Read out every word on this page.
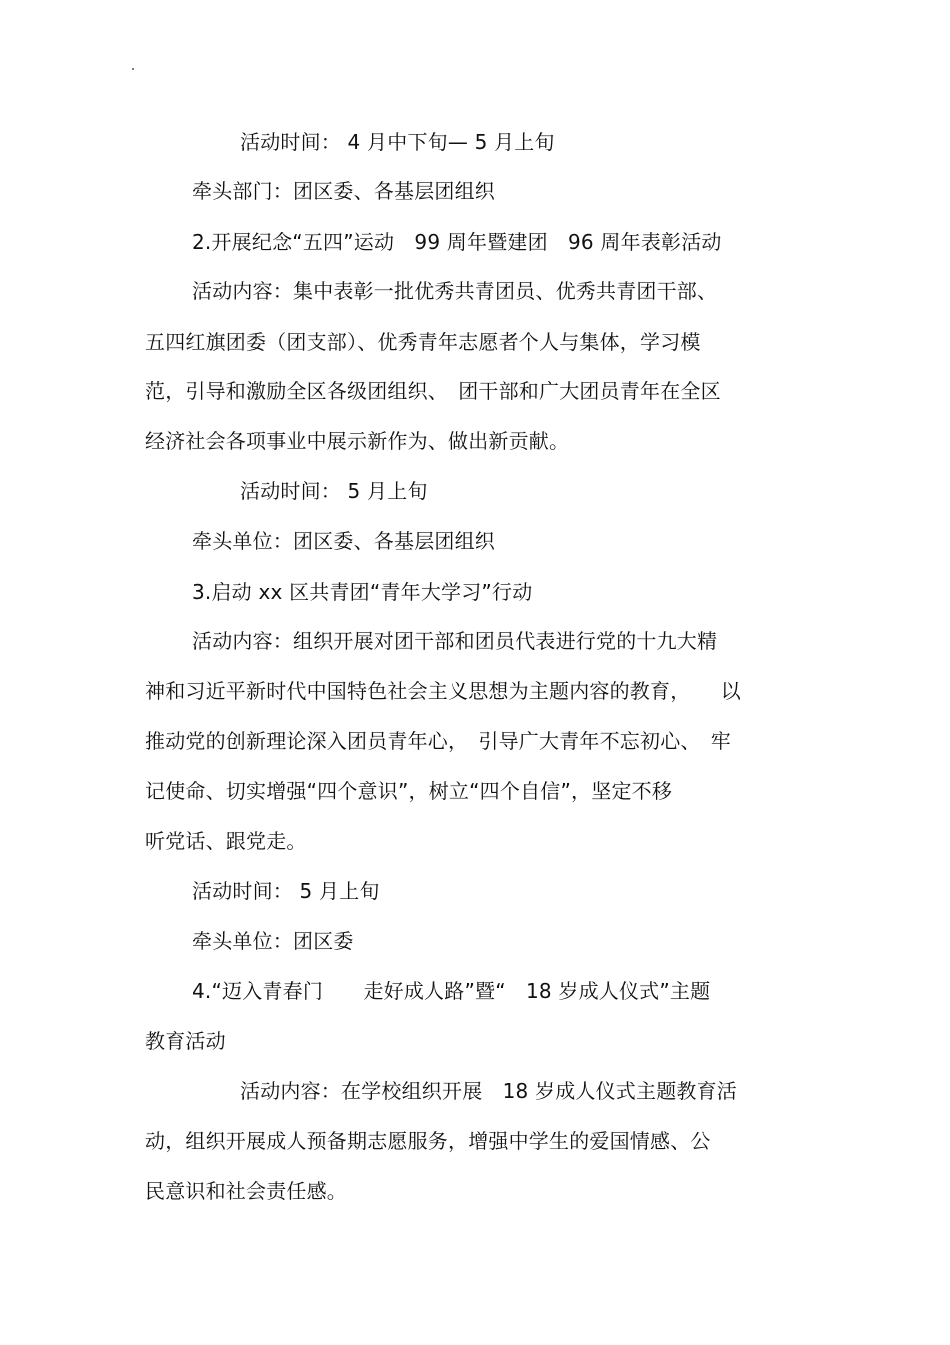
活动时间： 4 月中下旬— 5 月上旬
牵头部门：团区委、各基层团组织
2.开展纪念“五四”运动　99 周年暨建团　96 周年表彰活动
活动内容：集中表彰一批优秀共青团员、优秀共青团干部、
五四红旗团委（团支部）、优秀青年志愿者个人与集体，学习模
范，引导和激励全区各级团组织、　团干部和广大团员青年在全区
经济社会各项事业中展示新作为、做出新贡献。
活动时间： 5 月上旬
牵头单位：团区委、各基层团组织
3.启动 xx 区共青团“青年大学习”行动
活动内容：组织开展对团干部和团员代表进行党的十九大精
神和习近平新时代中国特色社会主义思想为主题内容的教育，　　以
推动党的创新理论深入团员青年心，　引导广大青年不忘初心、　牢
记使命、切实增强“四个意识”，树立“四个自信”，坚定不移
听党话、跟党走。
活动时间： 5 月上旬
牵头单位：团区委
4.“迈入青春门　　走好成人路”暨“　18 岁成人仪式”主题
教育活动
活动内容：在学校组织开展　18 岁成人仪式主题教育活
动，组织开展成人预备期志愿服务，增强中学生的爱国情感、公
民意识和社会责任感。
